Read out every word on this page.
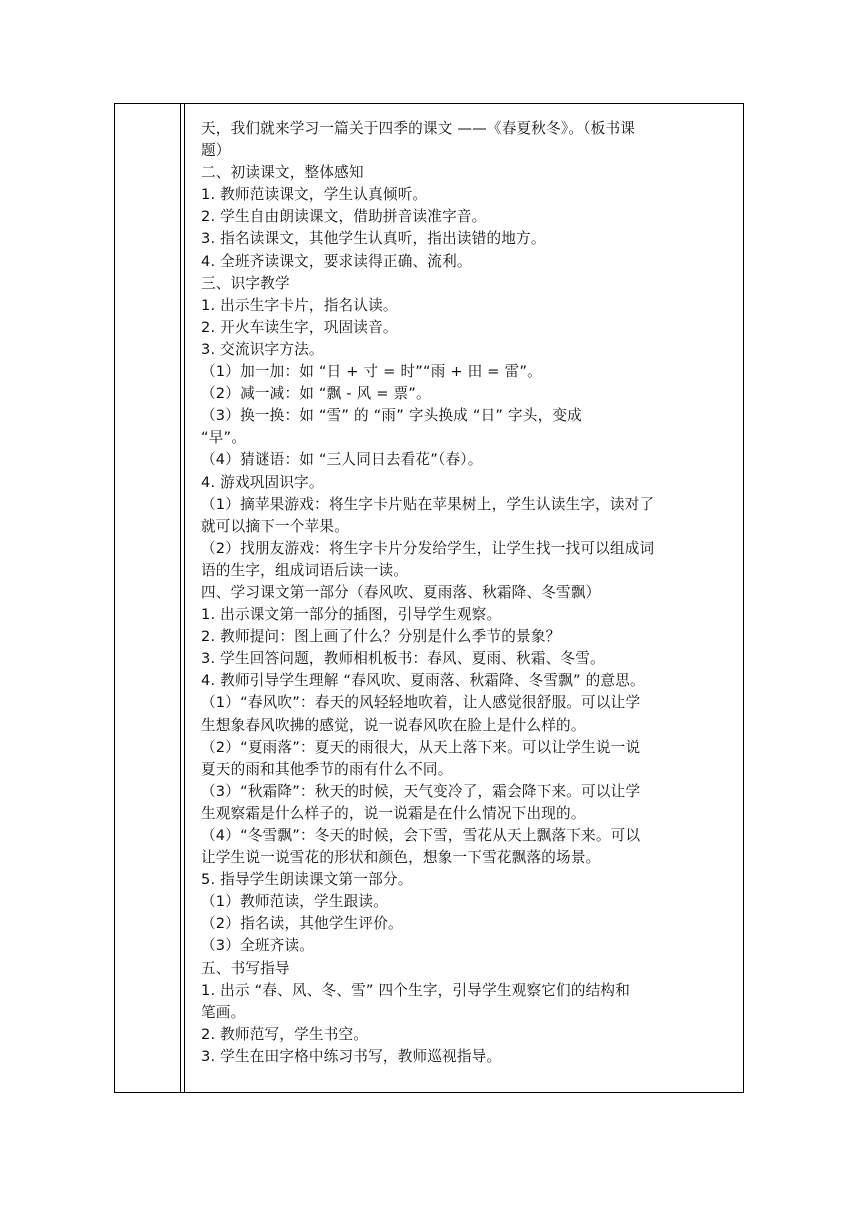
天，我们就来学习一篇关于四季的课文 ——《春夏秋冬》。（板书课
题）
二、初读课文，整体感知
1. 教师范读课文，学生认真倾听。
2. 学生自由朗读课文，借助拼音读准字音。
3. 指名读课文，其他学生认真听，指出读错的地方。
4. 全班齐读课文，要求读得正确、流利。
三、识字教学
1. 出示生字卡片，指名认读。
2. 开火车读生字，巩固读音。
3. 交流识字方法。
（1）加一加：如 “日 + 寸 = 时”“雨 + 田 = 雷”。
（2）减一减：如 “飘 - 风 = 票”。
（3）换一换：如 “雪” 的 “雨” 字头换成 “日” 字头，变成
“早”。
（4）猜谜语：如 “三人同日去看花”（春）。
4. 游戏巩固识字。
（1）摘苹果游戏：将生字卡片贴在苹果树上，学生认读生字，读对了
就可以摘下一个苹果。
（2）找朋友游戏：将生字卡片分发给学生，让学生找一找可以组成词
语的生字，组成词语后读一读。
四、学习课文第一部分（春风吹、夏雨落、秋霜降、冬雪飘）
1. 出示课文第一部分的插图，引导学生观察。
2. 教师提问：图上画了什么？分别是什么季节的景象？
3. 学生回答问题，教师相机板书：春风、夏雨、秋霜、冬雪。
4. 教师引导学生理解 “春风吹、夏雨落、秋霜降、冬雪飘” 的意思。
（1）“春风吹”：春天的风轻轻地吹着，让人感觉很舒服。可以让学
生想象春风吹拂的感觉，说一说春风吹在脸上是什么样的。
（2）“夏雨落”：夏天的雨很大，从天上落下来。可以让学生说一说
夏天的雨和其他季节的雨有什么不同。
（3）“秋霜降”：秋天的时候，天气变冷了，霜会降下来。可以让学
生观察霜是什么样子的，说一说霜是在什么情况下出现的。
（4）“冬雪飘”：冬天的时候，会下雪，雪花从天上飘落下来。可以
让学生说一说雪花的形状和颜色，想象一下雪花飘落的场景。
5. 指导学生朗读课文第一部分。
（1）教师范读，学生跟读。
（2）指名读，其他学生评价。
（3）全班齐读。
五、书写指导
1. 出示 “春、风、冬、雪” 四个生字，引导学生观察它们的结构和
笔画。
2. 教师范写，学生书空。
3. 学生在田字格中练习书写，教师巡视指导。
